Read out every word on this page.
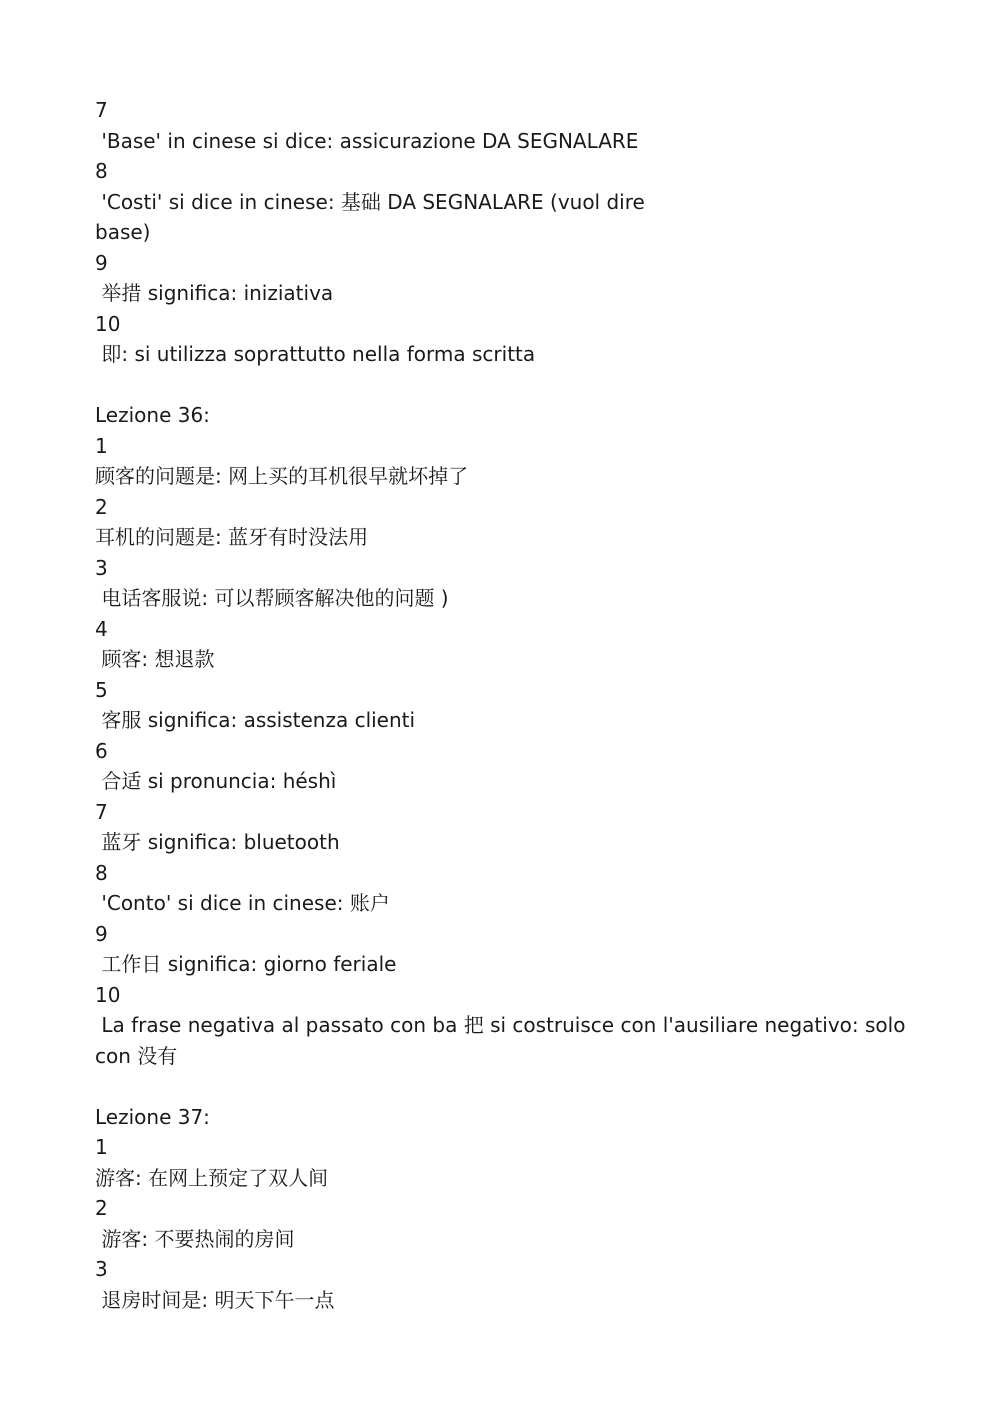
7

'Base' in cinese si dice: assicurazione DA SEGNALARE

8

'Costi' si dice in cinese: 基础 DA SEGNALARE (vuol dire
base)

9

举措 significa: iniziativa

10

即: si utilizza soprattutto nella forma scritta

Lezione 36:

1

顾客的问题是: 网上买的耳机很早就坏掉了

2

耳机的问题是: 蓝牙有时没法用

3

电话客服说: 可以帮顾客解决他的问题 )

4

顾客: 想退款

5

客服 significa: assistenza clienti

6

合适 si pronuncia: héshì

7

蓝牙 significa: bluetooth

8

'Conto' si dice in cinese: 账户

9

工作日 significa: giorno feriale

10

La frase negativa al passato con ba 把 si costruisce con l'ausiliare negativo: solo
con 没有

Lezione 37:

1

游客: 在网上预定了双人间

2

游客: 不要热闹的房间

3

退房时间是: 明天下午一点
